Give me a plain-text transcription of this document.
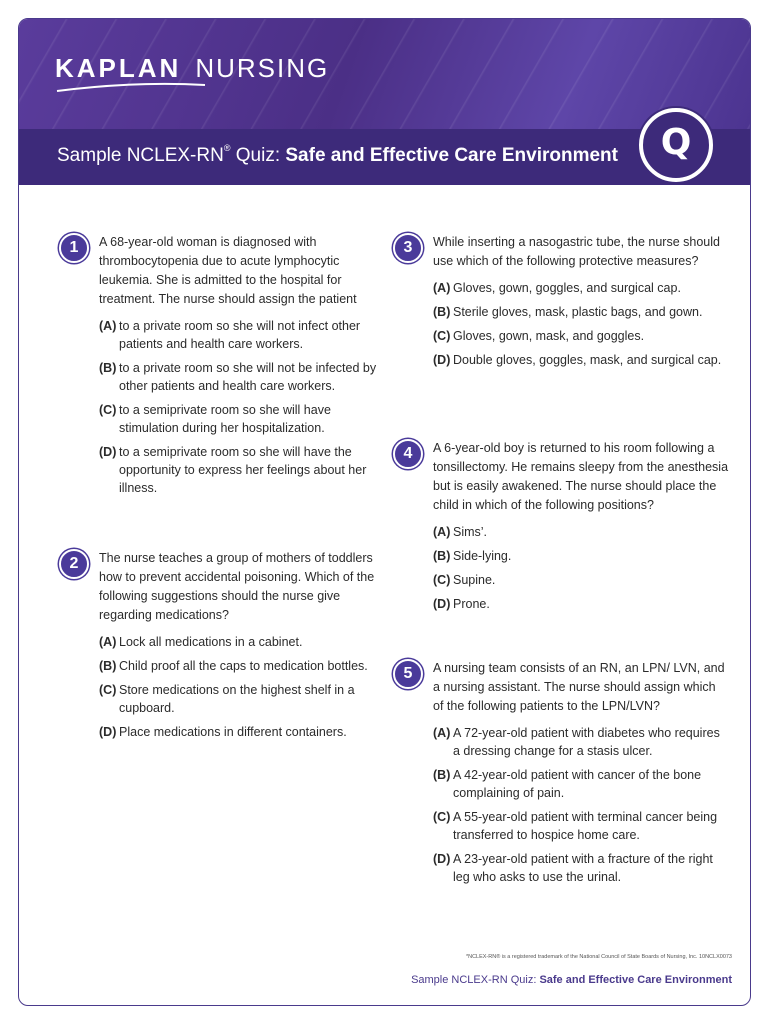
KAPLAN NURSING
Sample NCLEX-RN® Quiz: Safe and Effective Care Environment
1	A 68-year-old woman is diagnosed with thrombocytopenia due to acute lymphocytic leukemia. She is admitted to the hospital for treatment. The nurse should assign the patient

(A) to a private room so she will not infect other patients and health care workers.
(B) to a private room so she will not be infected by other patients and health care workers.
(C) to a semiprivate room so she will have stimulation during her hospitalization.
(D) to a semiprivate room so she will have the opportunity to express her feelings about her illness.
2	The nurse teaches a group of mothers of toddlers how to prevent accidental poisoning. Which of the following suggestions should the nurse give regarding medications?

(A) Lock all medications in a cabinet.
(B) Child proof all the caps to medication bottles.
(C) Store medications on the highest shelf in a cupboard.
(D) Place medications in different containers.
3	While inserting a nasogastric tube, the nurse should use which of the following protective measures?

(A) Gloves, gown, goggles, and surgical cap.
(B) Sterile gloves, mask, plastic bags, and gown.
(C) Gloves, gown, mask, and goggles.
(D) Double gloves, goggles, mask, and surgical cap.
4	A 6-year-old boy is returned to his room following a tonsillectomy. He remains sleepy from the anesthesia but is easily awakened. The nurse should place the child in which of the following positions?

(A) Sims’.
(B) Side-lying.
(C) Supine.
(D) Prone.
5	A nursing team consists of an RN, an LPN/ LVN, and a nursing assistant. The nurse should assign which of the following patients to the LPN/LVN?

(A) A 72-year-old patient with diabetes who requires a dressing change for a stasis ulcer.
(B) A 42-year-old patient with cancer of the bone complaining of pain.
(C) A 55-year-old patient with terminal cancer being transferred to hospice home care.
(D) A 23-year-old patient with a fracture of the right leg who asks to use the urinal.
*NCLEX-RN® is a registered trademark of the National Council of State Boards of Nursing, Inc. 10NCLX0073
Sample NCLEX-RN Quiz: Safe and Effective Care Environment
Q
